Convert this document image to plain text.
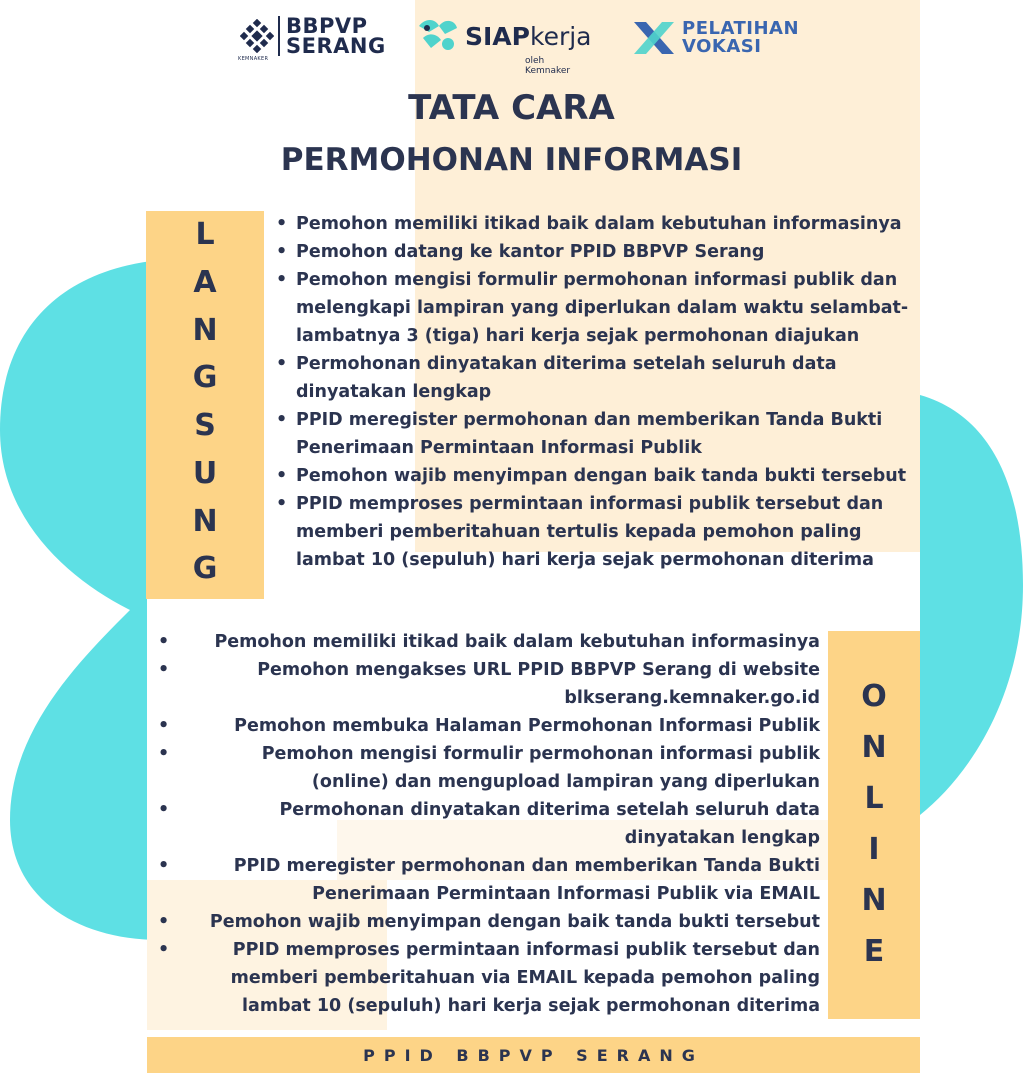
BBPVP
SERANG
KEMNAKER
SIAPkerja
oleh Kemnaker
PELATIHAN
VOKASI
TATA CARA
PERMOHONAN INFORMASI
L
A
N
G
S
U
N
G
• Pemohon memiliki itikad baik dalam kebutuhan informasinya
• Pemohon datang ke kantor PPID BBPVP Serang
• Pemohon mengisi formulir permohonan informasi publik dan melengkapi lampiran yang diperlukan dalam waktu selambat-lambatnya 3 (tiga) hari kerja sejak permohonan diajukan
• Permohonan dinyatakan diterima setelah seluruh data dinyatakan lengkap
• PPID meregister permohonan dan memberikan Tanda Bukti Penerimaan Permintaan Informasi Publik
• Pemohon wajib menyimpan dengan baik tanda bukti tersebut
• PPID memproses permintaan informasi publik tersebut dan memberi pemberitahuan tertulis kepada pemohon paling lambat 10 (sepuluh) hari kerja sejak permohonan diterima
• Pemohon memiliki itikad baik dalam kebutuhan informasinya
• Pemohon mengakses URL PPID BBPVP Serang di website blkserang.kemnaker.go.id
• Pemohon membuka Halaman Permohonan Informasi Publik
• Pemohon mengisi formulir permohonan informasi publik (online) dan mengupload lampiran yang diperlukan
• Permohonan dinyatakan diterima setelah seluruh data dinyatakan lengkap
• PPID meregister permohonan dan memberikan Tanda Bukti Penerimaan Permintaan Informasi Publik via EMAIL
• Pemohon wajib menyimpan dengan baik tanda bukti tersebut
• PPID memproses permintaan informasi publik tersebut dan memberi pemberitahuan via EMAIL kepada pemohon paling lambat 10 (sepuluh) hari kerja sejak permohonan diterima
O
N
L
I
N
E
PPID BBPVP SERANG
